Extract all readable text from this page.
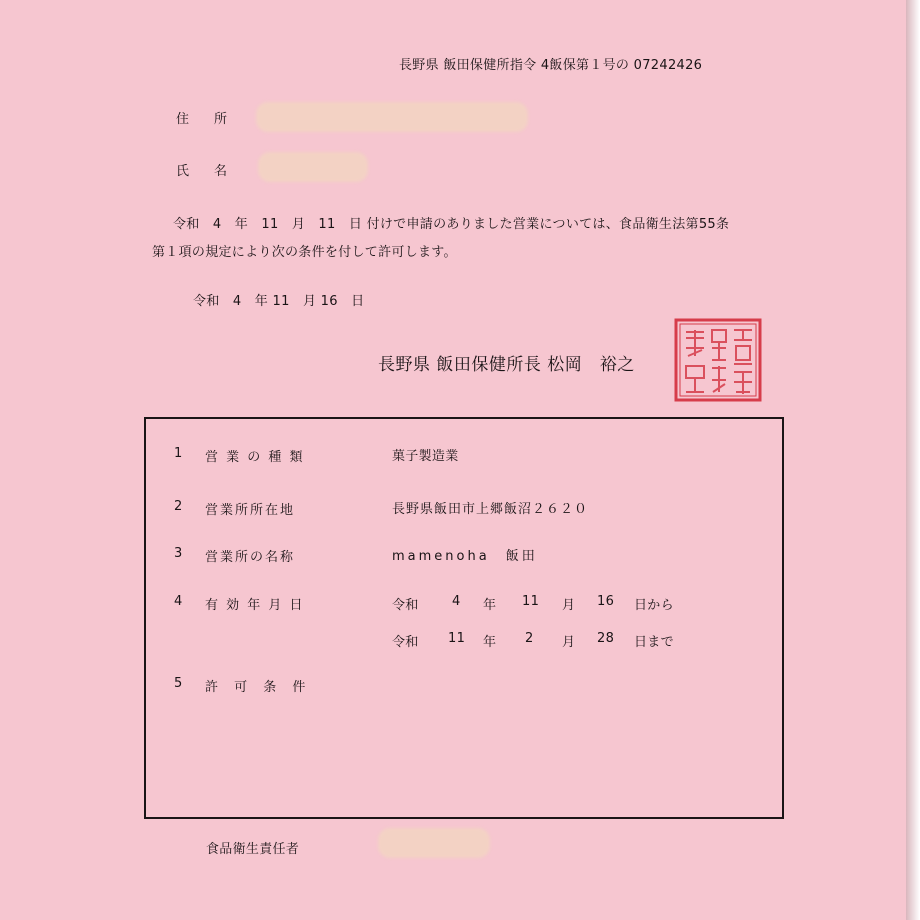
長野県 飯田保健所指令 4飯保第１号の 07242426
住　所
氏　名
令和　4　年　11　月　11　日 付けで申請のありました営業については、食品衛生法第55条
第１項の規定により次の条件を付して許可します。
令和　4　年 11　月 16　日
長野県 飯田保健所長 松岡　裕之
1 営 業 の 種 類	菓子製造業
2 営業所所在地	長野県飯田市上郷飯沼２６２０
3 営業所の名称	mamenoha　飯田
4 有 効 年 月 日	令和	4 年 11 月 16 日から
令和 11 年 2 月 28 日まで
5 許 可 条 件
食品衛生責任者
